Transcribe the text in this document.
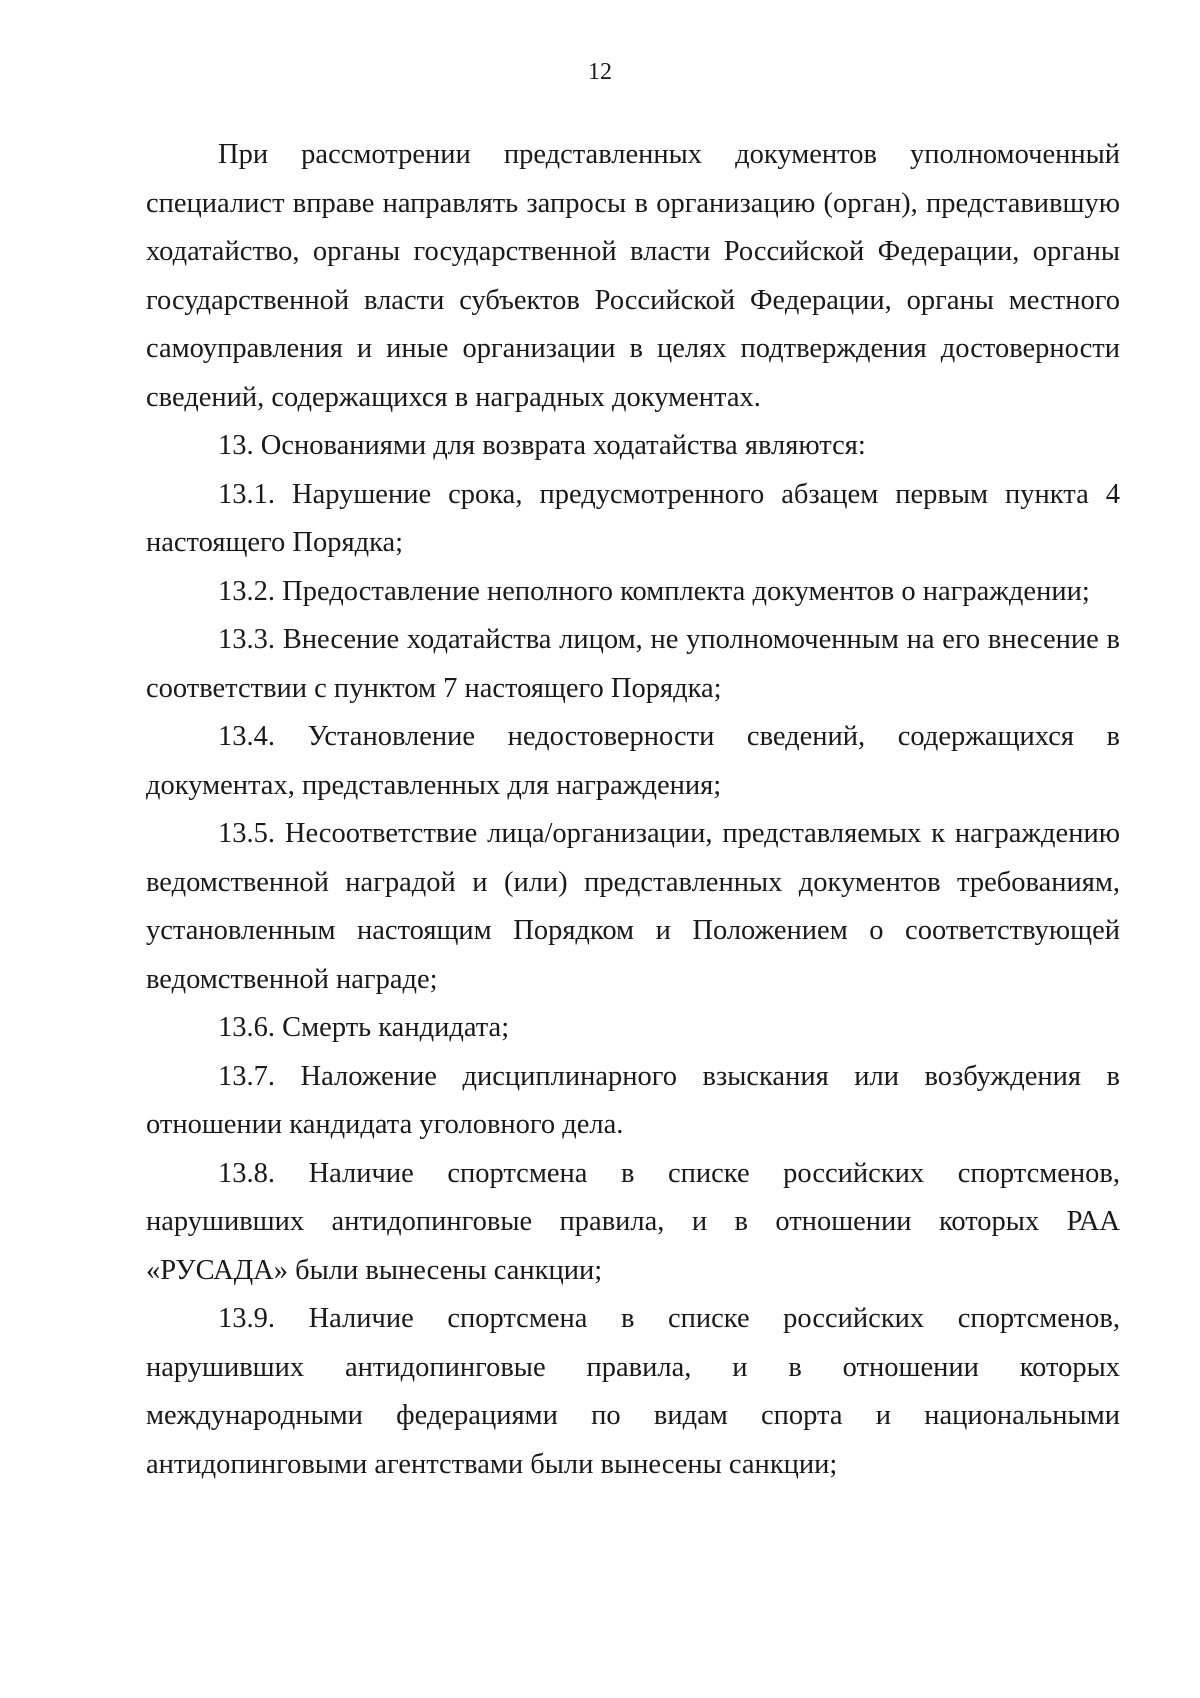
12

При рассмотрении представленных документов уполномоченный специалист вправе направлять запросы в организацию (орган), представившую ходатайство, органы государственной власти Российской Федерации, органы государственной власти субъектов Российской Федерации, органы местного самоуправления и иные организации в целях подтверждения достоверности сведений, содержащихся в наградных документах.

13. Основаниями для возврата ходатайства являются:

13.1. Нарушение срока, предусмотренного абзацем первым пункта 4 настоящего Порядка;

13.2. Предоставление неполного комплекта документов о награждении;

13.3. Внесение ходатайства лицом, не уполномоченным на его внесение в соответствии с пунктом 7 настоящего Порядка;

13.4. Установление недостоверности сведений, содержащихся в документах, представленных для награждения;

13.5. Несоответствие лица/организации, представляемых к награждению ведомственной наградой и (или) представленных документов требованиям, установленным настоящим Порядком и Положением о соответствующей ведомственной награде;

13.6. Смерть кандидата;

13.7. Наложение дисциплинарного взыскания или возбуждения в отношении кандидата уголовного дела.

13.8. Наличие спортсмена в списке российских спортсменов, нарушивших антидопинговые правила, и в отношении которых РАА «РУСАДА» были вынесены санкции;

13.9. Наличие спортсмена в списке российских спортсменов, нарушивших антидопинговые правила, и в отношении которых международными федерациями по видам спорта и национальными антидопинговыми агентствами были вынесены санкции;
